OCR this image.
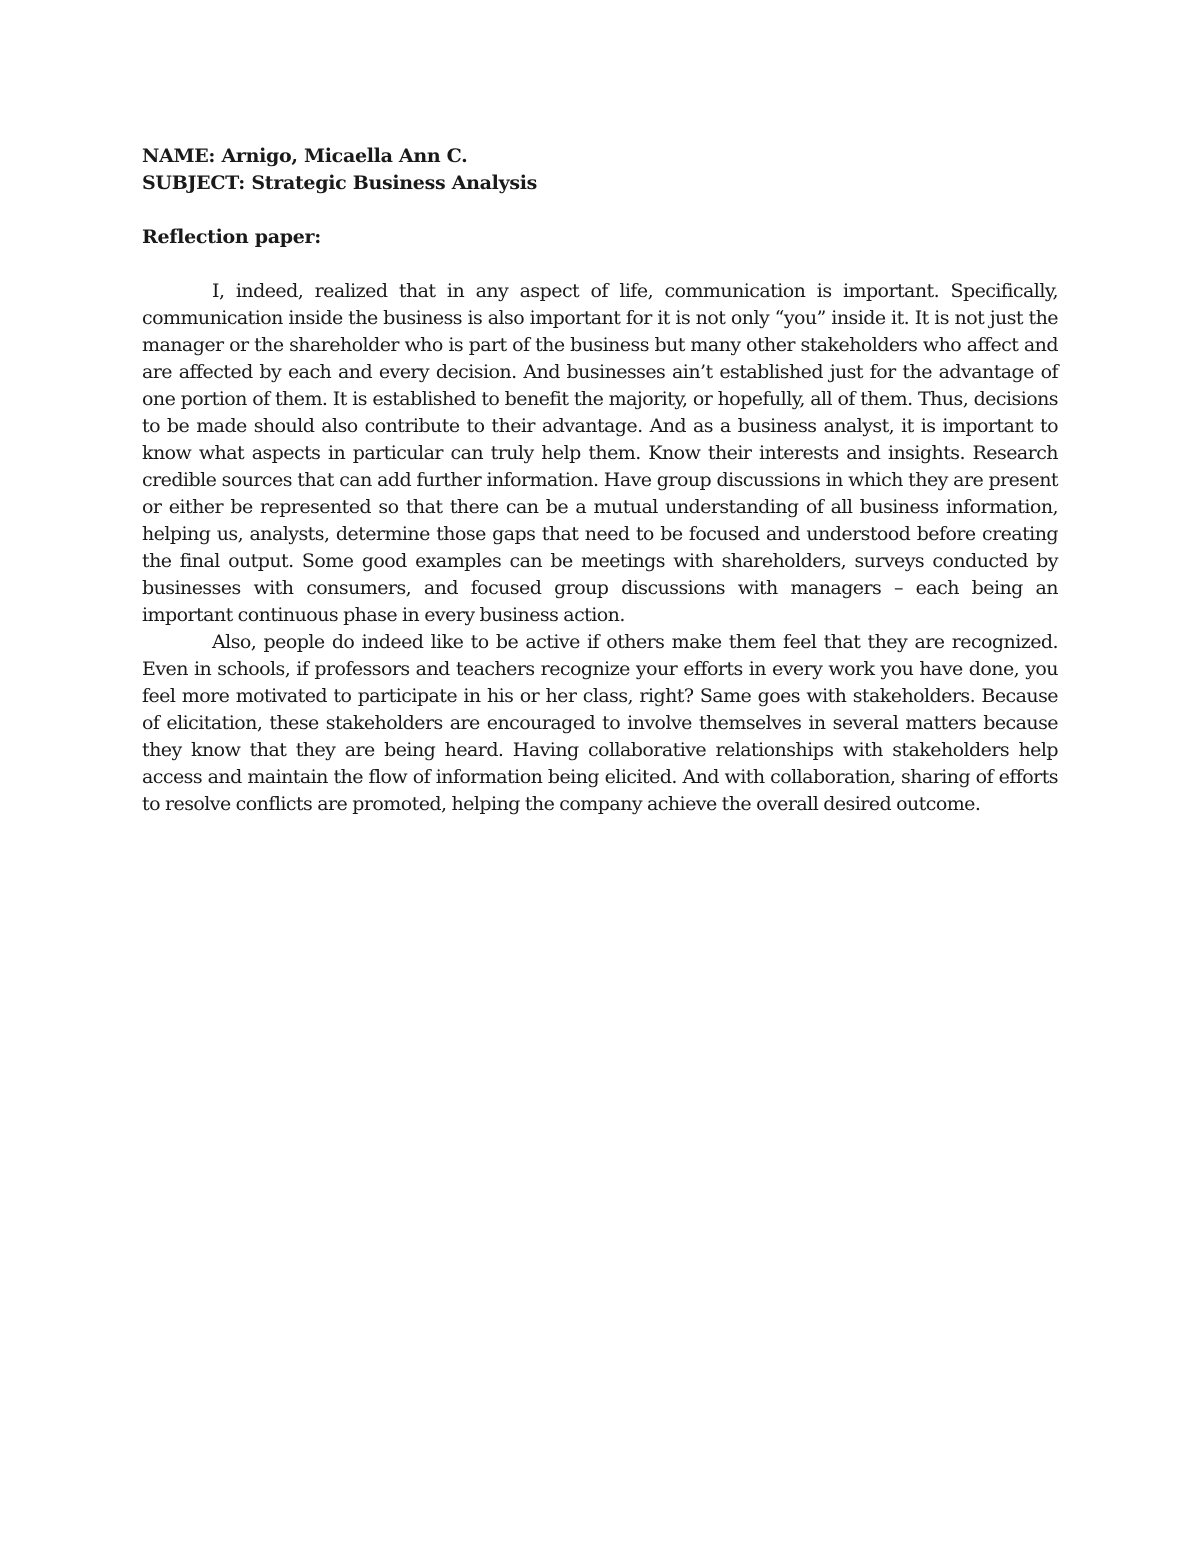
NAME: Arnigo, Micaella Ann C.

SUBJECT: Strategic Business Analysis

Reflection paper:

I, indeed, realized that in any aspect of life, communication is important. Specifically, communication inside the business is also important for it is not only “you” inside it. It is not just the manager or the shareholder who is part of the business but many other stakeholders who affect and are affected by each and every decision. And businesses ain’t established just for the advantage of one portion of them. It is established to benefit the majority, or hopefully, all of them. Thus, decisions to be made should also contribute to their advantage. And as a business analyst, it is important to know what aspects in particular can truly help them. Know their interests and insights. Research credible sources that can add further information. Have group discussions in which they are present or either be represented so that there can be a mutual understanding of all business information, helping us, analysts, determine those gaps that need to be focused and understood before creating the final output. Some good examples can be meetings with shareholders, surveys conducted by businesses with consumers, and focused group discussions with managers – each being an important continuous phase in every business action.

Also, people do indeed like to be active if others make them feel that they are recognized. Even in schools, if professors and teachers recognize your efforts in every work you have done, you feel more motivated to participate in his or her class, right? Same goes with stakeholders. Because of elicitation, these stakeholders are encouraged to involve themselves in several matters because they know that they are being heard. Having collaborative relationships with stakeholders help access and maintain the flow of information being elicited. And with collaboration, sharing of efforts to resolve conflicts are promoted, helping the company achieve the overall desired outcome.
